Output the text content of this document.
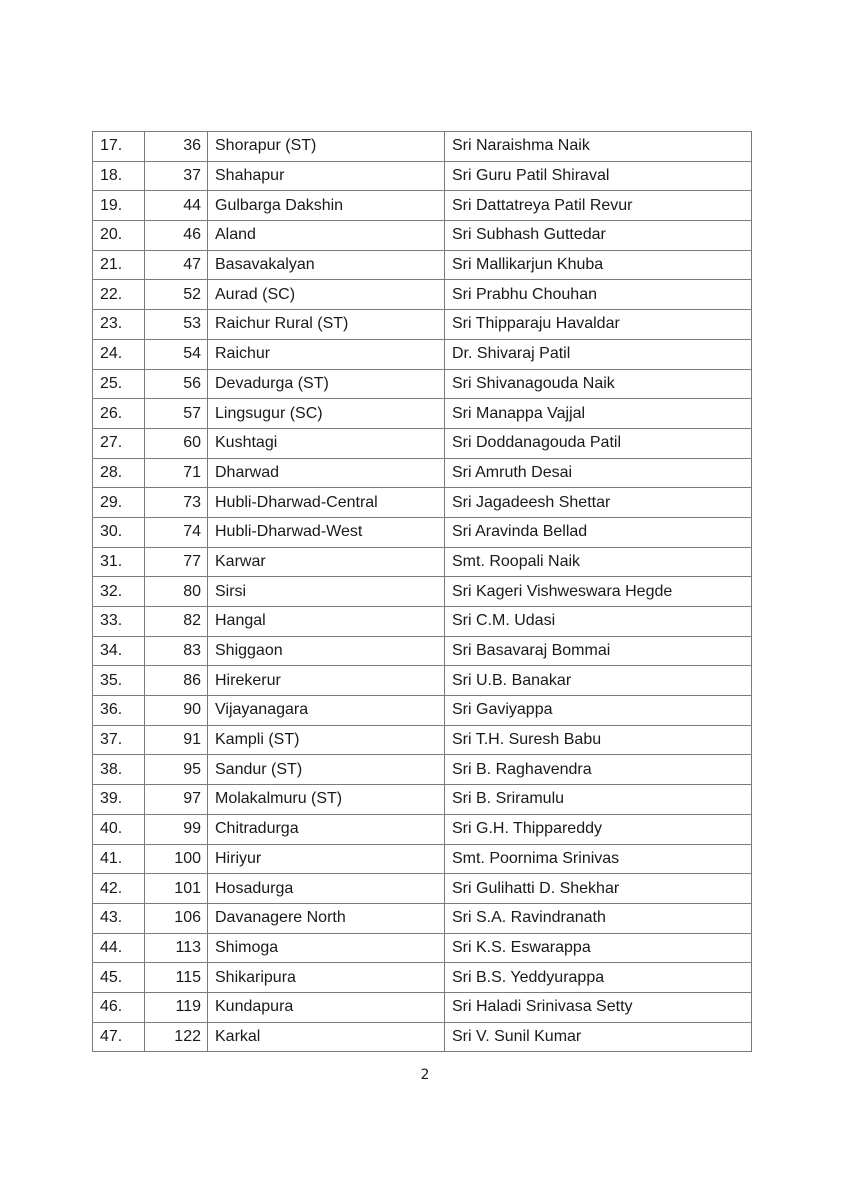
17.	36	Shorapur (ST)	Sri Naraishma Naik
18.	37	Shahapur	Sri Guru Patil Shiraval
19.	44	Gulbarga Dakshin	Sri Dattatreya Patil Revur
20.	46	Aland	Sri Subhash Guttedar
21.	47	Basavakalyan	Sri Mallikarjun Khuba
22.	52	Aurad (SC)	Sri Prabhu Chouhan
23.	53	Raichur Rural (ST)	Sri Thipparaju Havaldar
24.	54	Raichur	Dr. Shivaraj Patil
25.	56	Devadurga (ST)	Sri Shivanagouda Naik
26.	57	Lingsugur (SC)	Sri Manappa Vajjal
27.	60	Kushtagi	Sri Doddanagouda Patil
28.	71	Dharwad	Sri Amruth Desai
29.	73	Hubli-Dharwad-Central	Sri Jagadeesh Shettar
30.	74	Hubli-Dharwad-West	Sri Aravinda Bellad
31.	77	Karwar	Smt. Roopali Naik
32.	80	Sirsi	Sri Kageri Vishweswara Hegde
33.	82	Hangal	Sri C.M. Udasi
34.	83	Shiggaon	Sri Basavaraj Bommai
35.	86	Hirekerur	Sri U.B. Banakar
36.	90	Vijayanagara	Sri Gaviyappa
37.	91	Kampli (ST)	Sri T.H. Suresh Babu
38.	95	Sandur (ST)	Sri B. Raghavendra
39.	97	Molakalmuru (ST)	Sri B. Sriramulu
40.	99	Chitradurga	Sri G.H. Thippareddy
41.	100	Hiriyur	Smt. Poornima Srinivas
42.	101	Hosadurga	Sri Gulihatti D. Shekhar
43.	106	Davanagere North	Sri S.A. Ravindranath
44.	113	Shimoga	Sri K.S. Eswarappa
45.	115	Shikaripura	Sri B.S. Yeddyurappa
46.	119	Kundapura	Sri Haladi Srinivasa Setty
47.	122	Karkal	Sri V. Sunil Kumar
2
